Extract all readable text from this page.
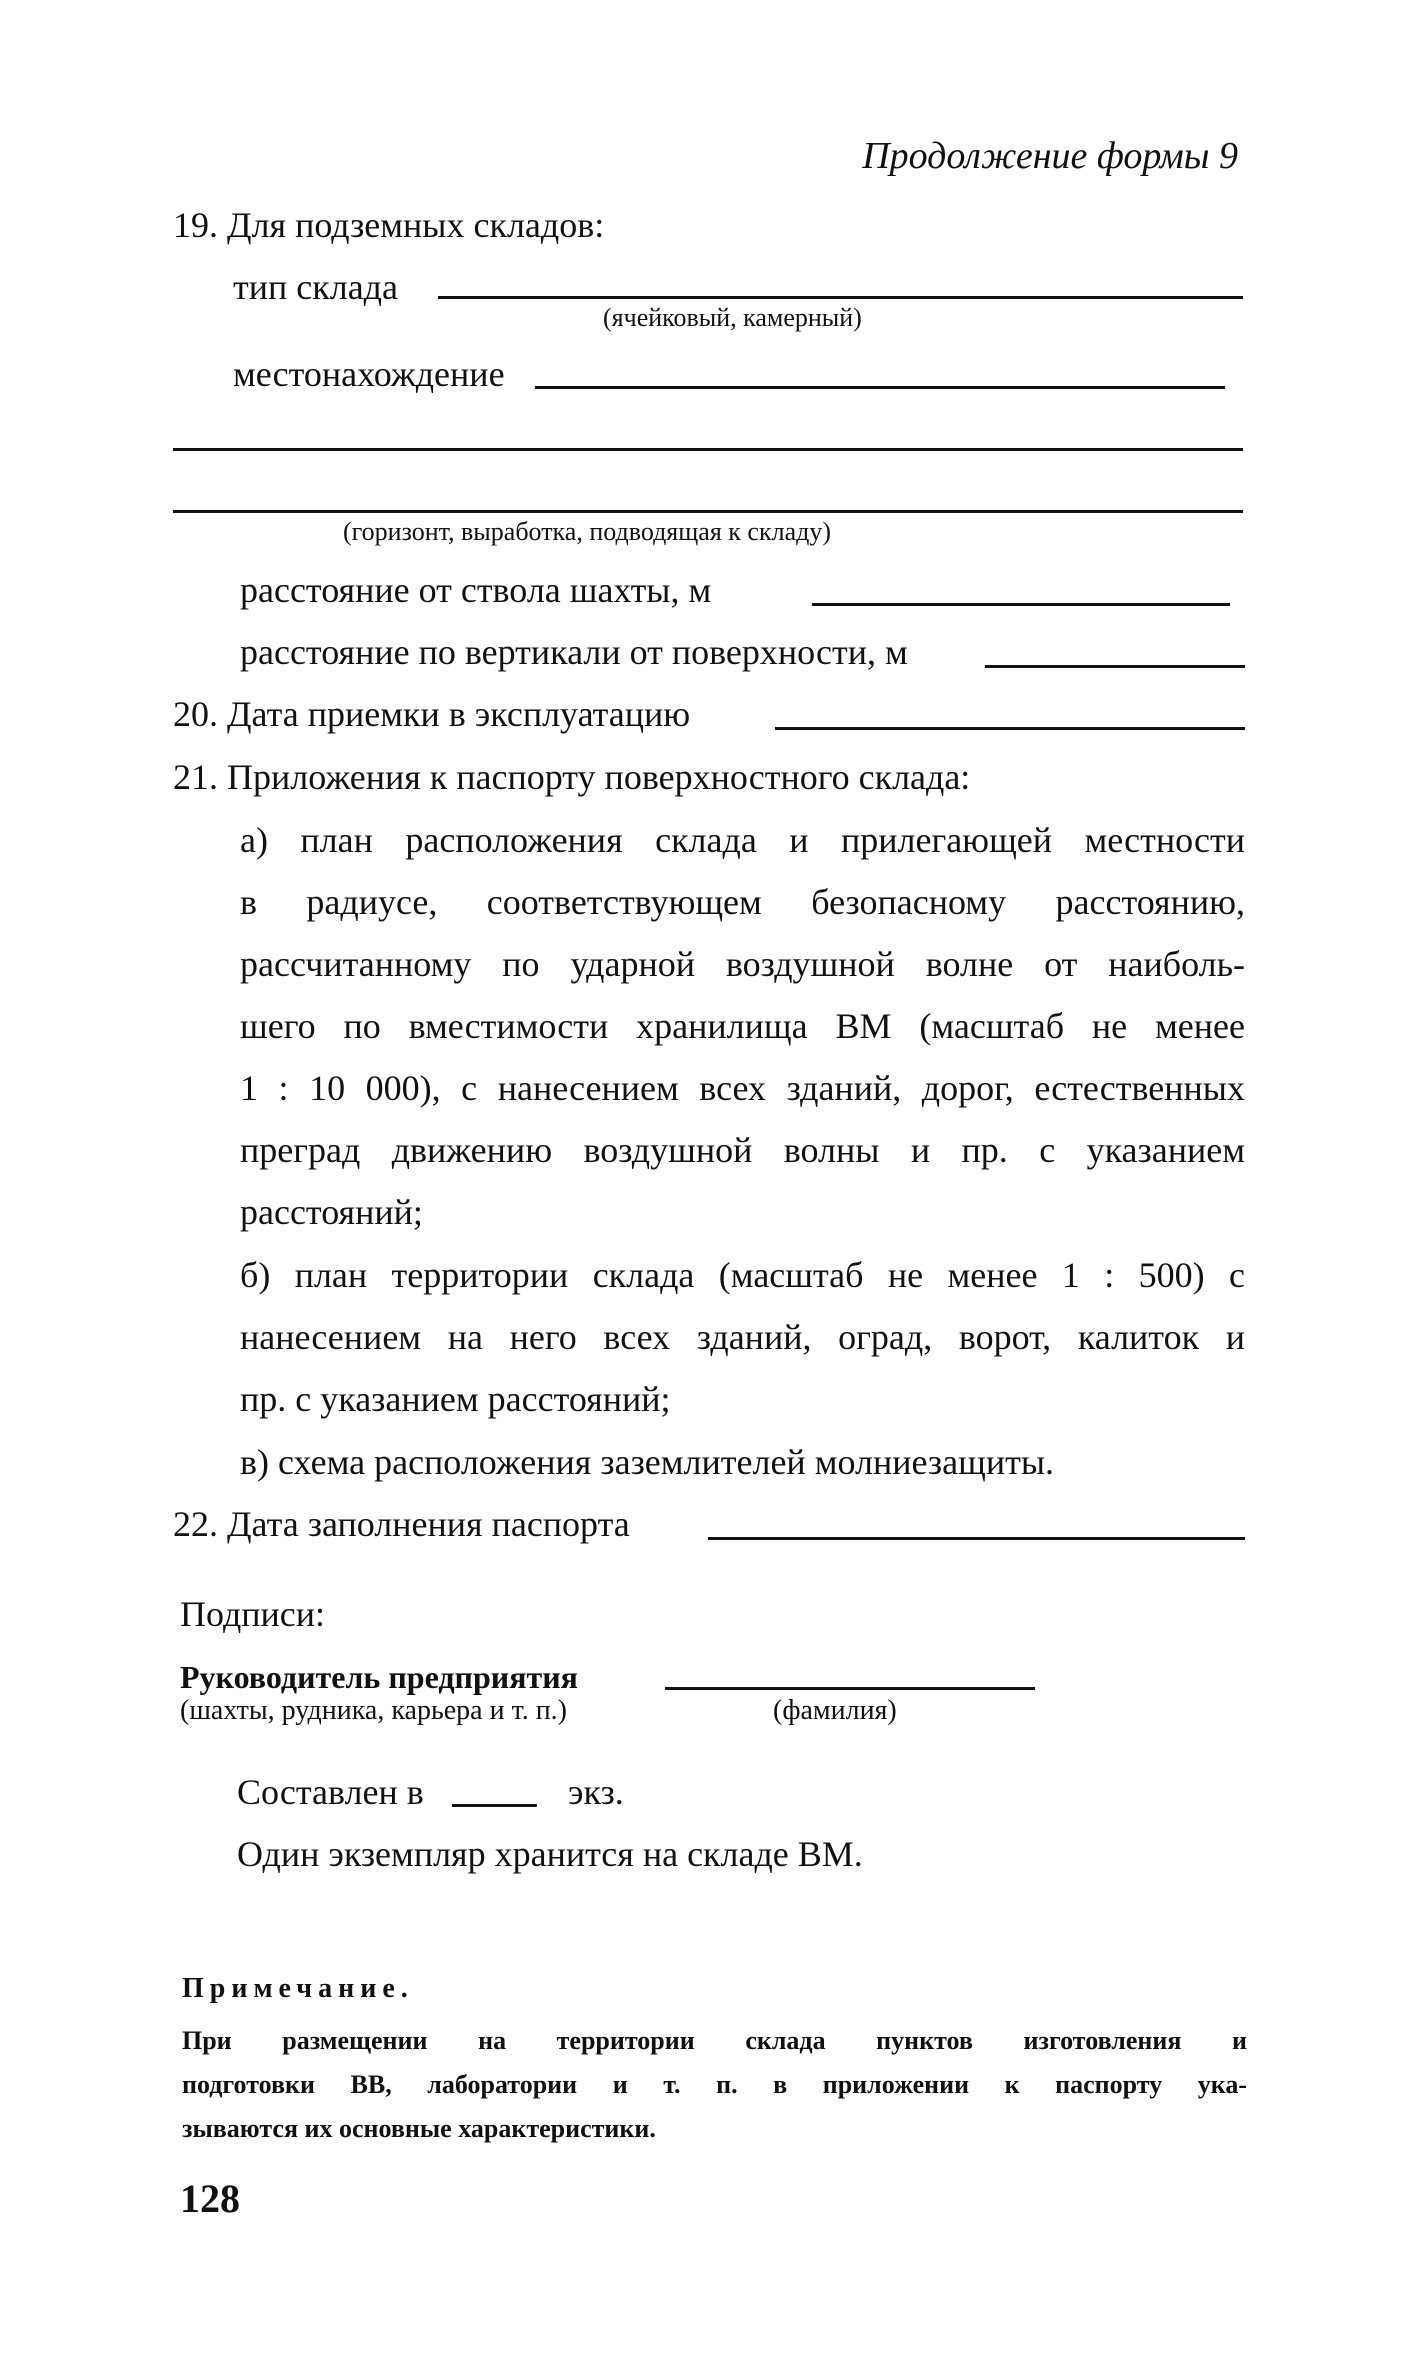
Продолжение формы 9
19. Для подземных складов:
тип склада
(ячейковый, камерный)
местонахождение
(горизонт, выработка, подводящая к складу)
расстояние от ствола шахты, м
расстояние по вертикали от поверхности, м
20. Дата приемки в эксплуатацию
21. Приложения к паспорту поверхностного склада:
а) план расположения склада и прилегающей местности
в радиусе, соответствующем безопасному расстоянию,
рассчитанному по ударной воздушной волне от наиболь-
шего по вместимости хранилища ВМ (масштаб не менее
1 : 10 000), с нанесением всех зданий, дорог, естественных
преград движению воздушной волны и пр. с указанием
расстояний;
б) план территории склада (масштаб не менее 1 : 500) с
нанесением на него всех зданий, оград, ворот, калиток и
пр. с указанием расстояний;
в) схема расположения заземлителей молниезащиты.
22. Дата заполнения паспорта
Подписи:
Руководитель предприятия
(шахты, рудника, карьера и т. п.)	(фамилия)
Составлен в	экз.
Один экземпляр хранится на складе ВМ.
Примечание.
При размещении на территории склада пунктов изготовления и
подготовки ВВ, лаборатории и т. п. в приложении к паспорту ука-
зываются их основные характеристики.
128
